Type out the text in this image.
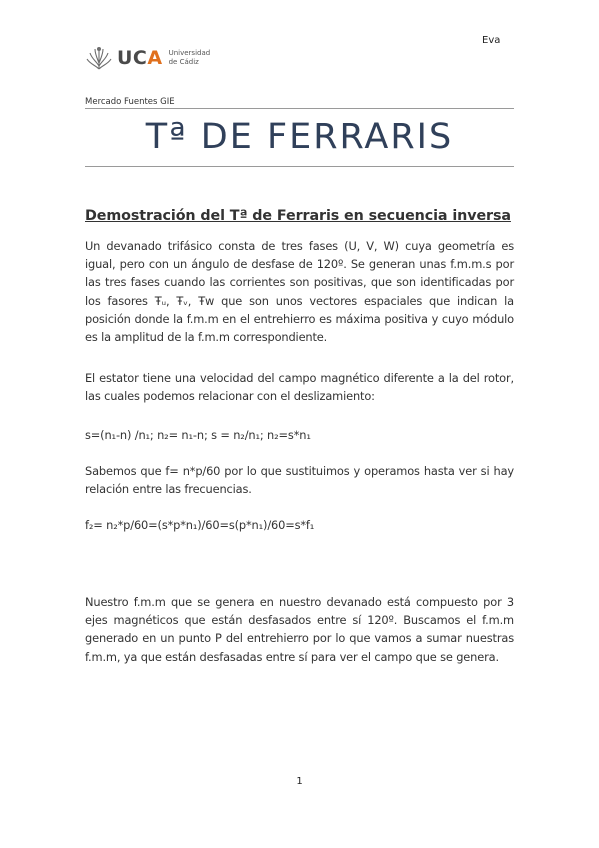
Eva
UCA Universidad
de Cádiz
Mercado Fuentes GIE
Tª DE FERRARIS
Demostración del Tª de Ferraris en secuencia inversa

Un devanado trifásico consta de tres fases (U, V, W) cuya geometría es igual, pero con un ángulo de desfase de 120º. Se generan unas f.m.m.s por las tres fases cuando las corrientes son positivas, que son identificadas por los fasores Ŧᵤ, Ŧᵥ, Ŧw que son unos vectores espaciales que indican la posición donde la f.m.m en el entrehierro es máxima positiva y cuyo módulo es la amplitud de la f.m.m correspondiente.

El estator tiene una velocidad del campo magnético diferente a la del rotor, las cuales podemos relacionar con el deslizamiento:

s=(n₁-n) /n₁; n₂= n₁-n; s = n₂/n₁; n₂=s*n₁

Sabemos que f= n*p/60 por lo que sustituimos y operamos hasta ver si hay relación entre las frecuencias.

f₂= n₂*p/60=(s*p*n₁)/60=s(p*n₁)/60=s*f₁

Nuestro f.m.m que se genera en nuestro devanado está compuesto por 3 ejes magnéticos que están desfasados entre sí 120º. Buscamos el f.m.m generado en un punto P del entrehierro por lo que vamos a sumar nuestras f.m.m, ya que están desfasadas entre sí para ver el campo que se genera.

1
